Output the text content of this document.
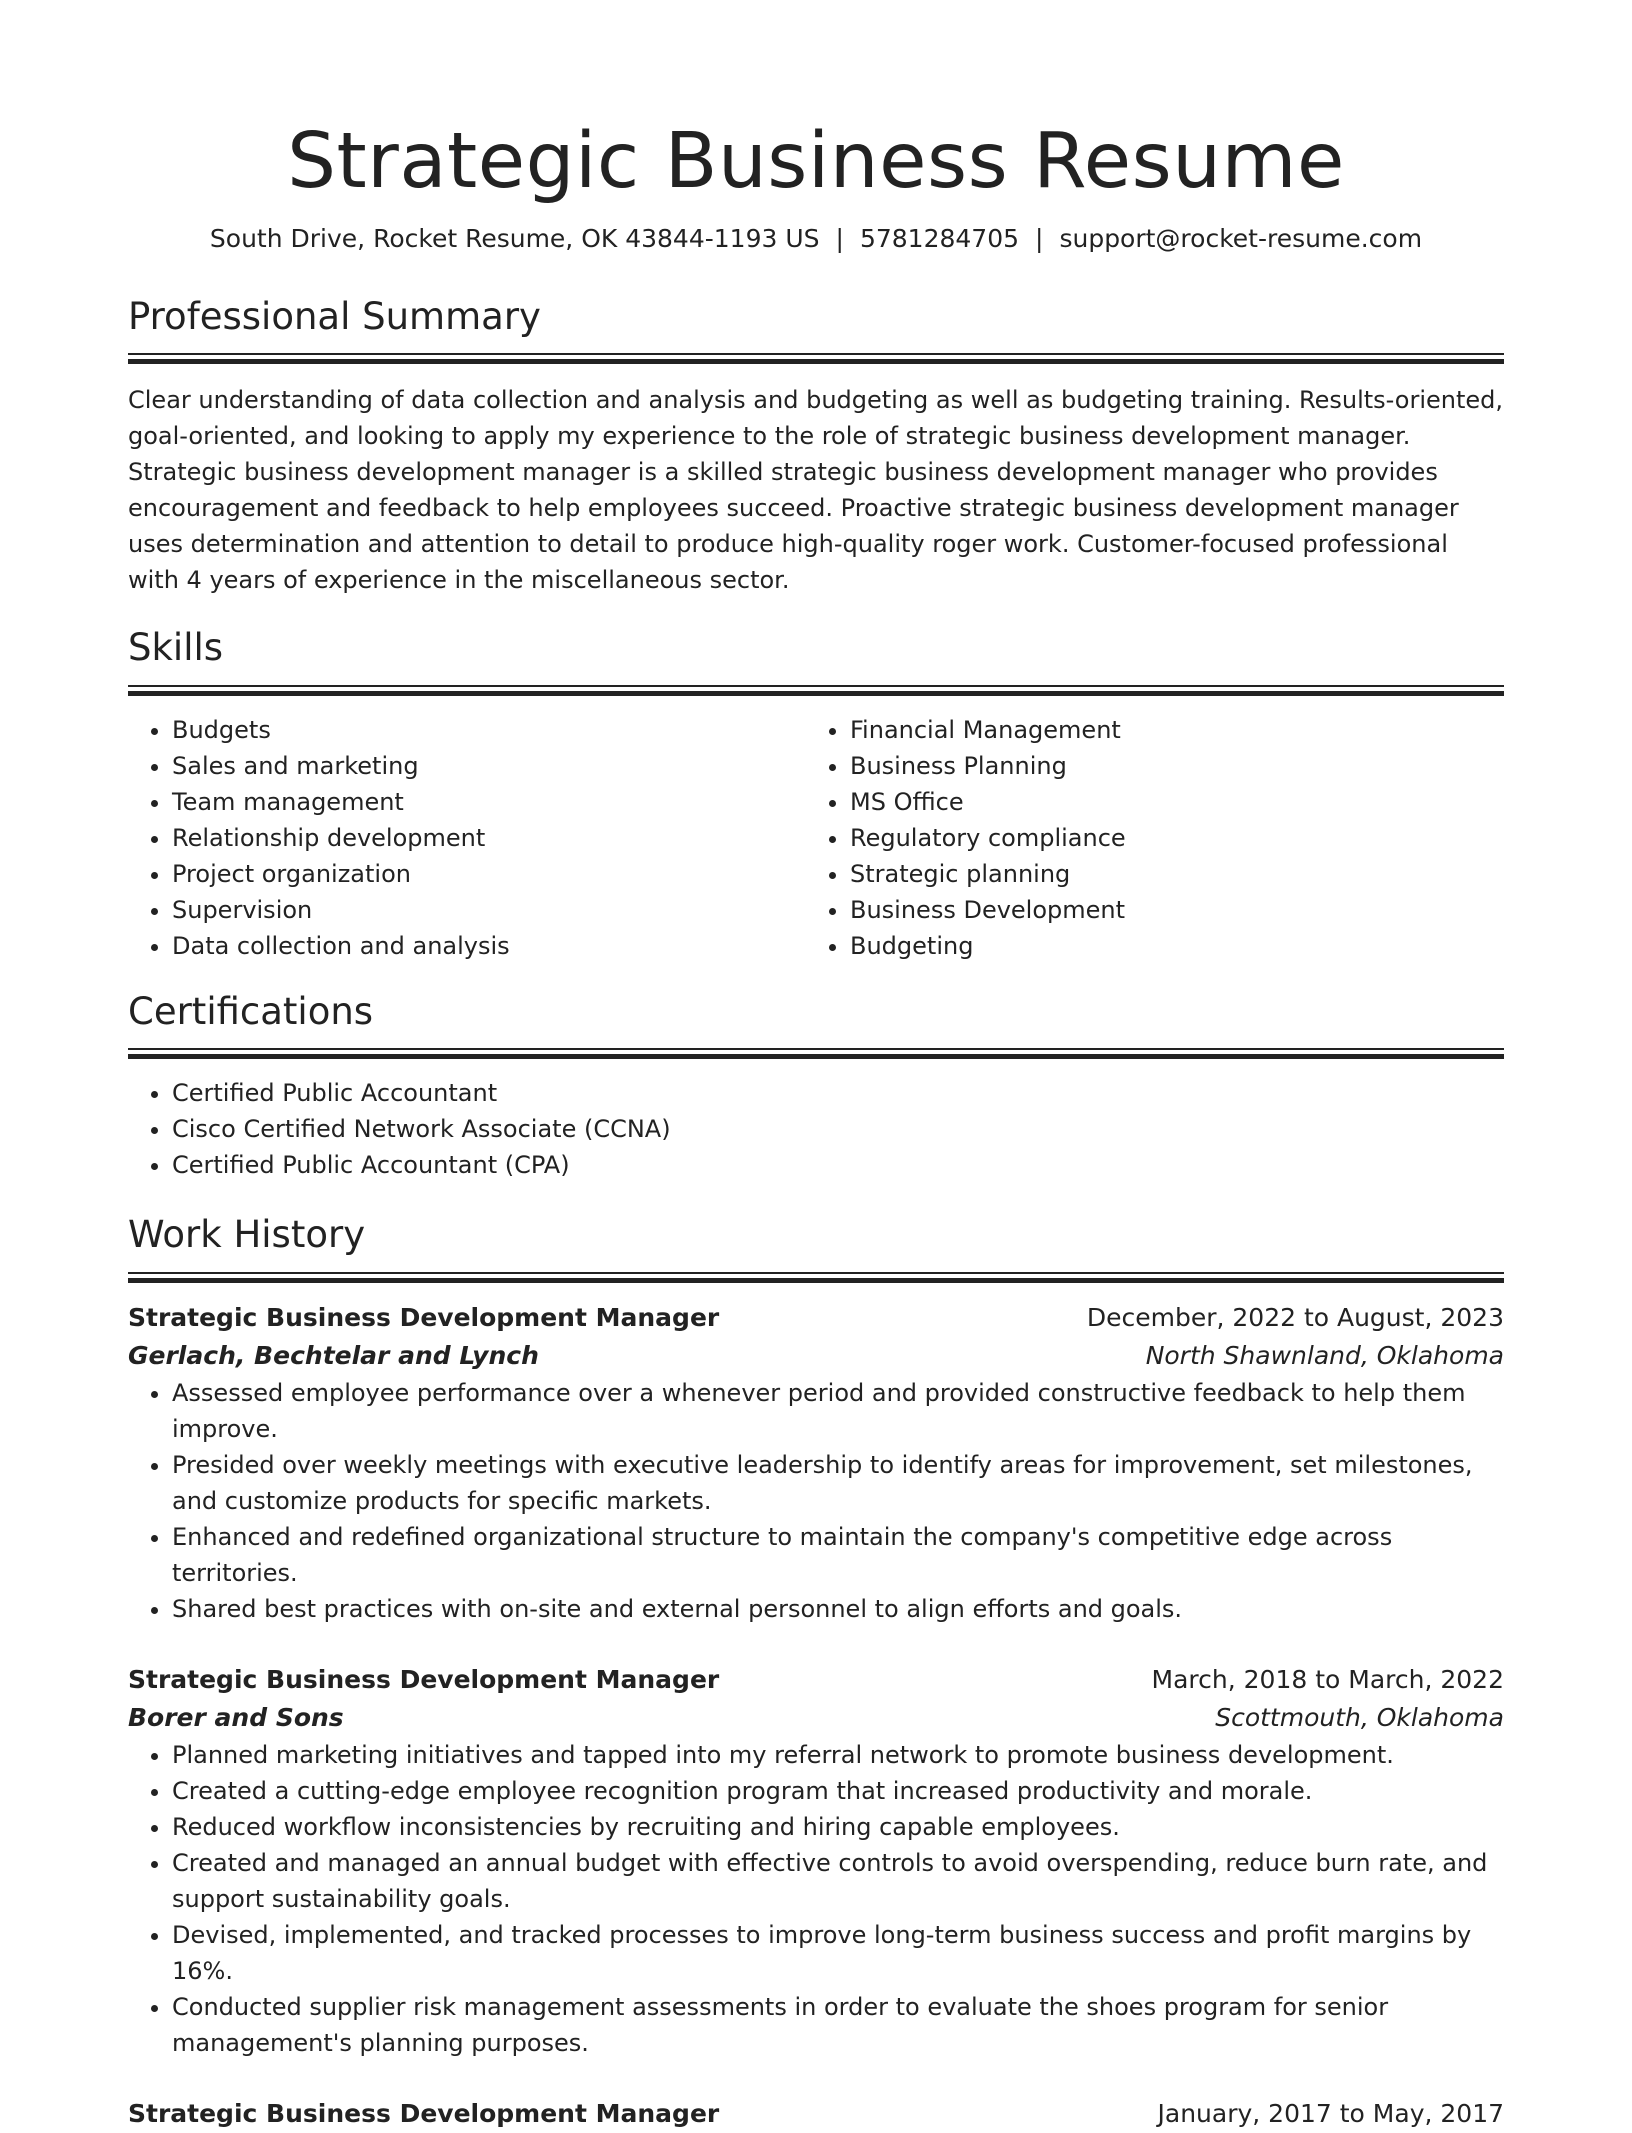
Strategic Business Resume
South Drive, Rocket Resume, OK 43844-1193 US | 5781284705 | support@rocket-resume.com
Professional Summary

Clear understanding of data collection and analysis and budgeting as well as budgeting training. Results-oriented, goal-oriented, and looking to apply my experience to the role of strategic business development manager. Strategic business development manager is a skilled strategic business development manager who provides encouragement and feedback to help employees succeed. Proactive strategic business development manager uses determination and attention to detail to produce high-quality roger work. Customer-focused professional with 4 years of experience in the miscellaneous sector.

Skills
• Budgets
• Sales and marketing
• Team management
• Relationship development
• Project organization
• Supervision
• Data collection and analysis
• Financial Management
• Business Planning
• MS Office
• Regulatory compliance
• Strategic planning
• Business Development
• Budgeting
Certifications
• Certified Public Accountant
• Cisco Certified Network Associate (CCNA)
• Certified Public Accountant (CPA)
Work History
Strategic Business Development Manager	December, 2022 to August, 2023
Gerlach, Bechtelar and Lynch	North Shawnland, Oklahoma
• Assessed employee performance over a whenever period and provided constructive feedback to help them improve.
• Presided over weekly meetings with executive leadership to identify areas for improvement, set milestones, and customize products for specific markets.
• Enhanced and redefined organizational structure to maintain the company's competitive edge across territories.
• Shared best practices with on-site and external personnel to align efforts and goals.
Strategic Business Development Manager	March, 2018 to March, 2022
Borer and Sons	Scottmouth, Oklahoma
• Planned marketing initiatives and tapped into my referral network to promote business development.
• Created a cutting-edge employee recognition program that increased productivity and morale.
• Reduced workflow inconsistencies by recruiting and hiring capable employees.
• Created and managed an annual budget with effective controls to avoid overspending, reduce burn rate, and support sustainability goals.
• Devised, implemented, and tracked processes to improve long-term business success and profit margins by 16%.
• Conducted supplier risk management assessments in order to evaluate the shoes program for senior management's planning purposes.
Strategic Business Development Manager	January, 2017 to May, 2017
